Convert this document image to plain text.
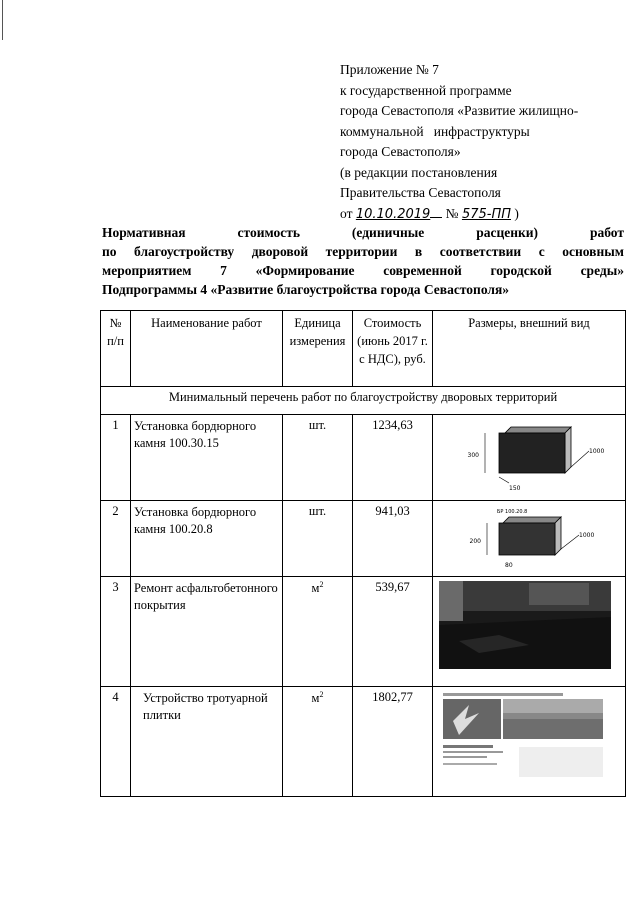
Приложение № 7
к государственной программе
города Севастополя «Развитие жилищно-
коммунальной   инфраструктуры
города Севастополя»
(в редакции постановления
Правительства Севастополя
от 10.10.2019 № 575-ПП )
Нормативная    стоимость    (единичные    расценки)    работ
по благоустройству дворовой территории в соответствии с основным
мероприятием  7  «Формирование  современной  городской  среды»
Подпрограммы 4 «Развитие благоустройства города Севастополя»
№ п/п	Наименование работ	Единица измерения	Стоимость (июнь 2017 г. с НДС), руб.	Размеры, внешний вид
Минимальный перечень работ по благоустройству дворовых территорий				
1	Установка бордюрного камня 100.30.15	шт.	1234,63	300
150
1000

2	Установка бордюрного камня 100.20.8	шт.	941,03	БР 100.20.8
200
80
1000

3	Ремонт асфальтобетонного покрытия	$м^2$	539,67	

4	Устройство тротуарной плитки	$м^2$	1802,77	
